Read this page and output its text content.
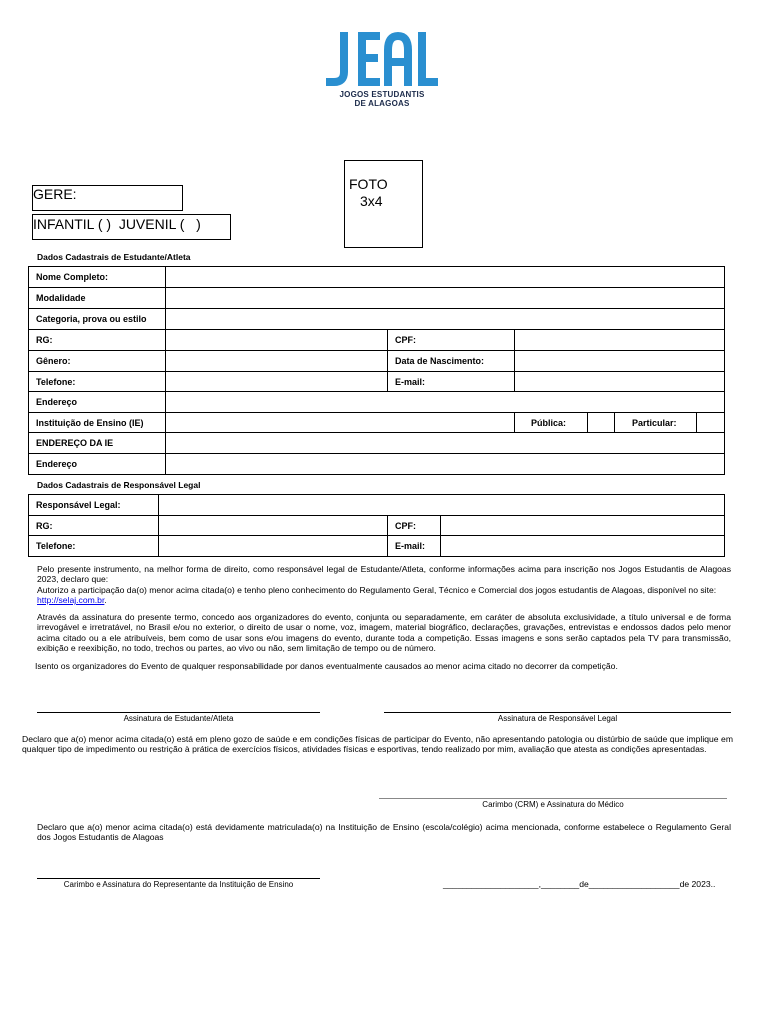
JOGOS ESTUDANTIS
DE ALAGOAS
FOTO
3x4
GERE:
INFANTIL ( )  JUVENIL (   )
Dados Cadastrais de Estudante/Atleta
Nome Completo:						
Modalidade						
Categoria, prova ou estilo						
RG:		CPF:				
Gênero:		Data de Nascimento:				
Telefone:		E-mail:				
Endereço						
Instituição de Ensino (IE)			Pública:		Particular:	
ENDEREÇO DA IE						
Endereço						
Dados Cadastrais de Responsável Legal
Responsável Legal:			
RG:		CPF:	
Telefone:		E-mail:	
Pelo presente instrumento, na melhor forma de direito, como responsável legal de Estudante/Atleta, conforme informações acima para inscrição nos Jogos Estudantis de Alagoas 2023, declaro que:
Autorizo a participação da(o) menor acima citada(o) e tenho pleno conhecimento do Regulamento Geral, Técnico e Comercial dos jogos estudantis de Alagoas, disponível no site: http://selaj.com.br.
Através da assinatura do presente termo, concedo aos organizadores do evento, conjunta ou separadamente, em caráter de absoluta exclusividade, a título universal e de forma irrevogável e irretratável, no Brasil e/ou no exterior, o direito de usar o nome, voz, imagem, material biográfico, declarações, gravações, entrevistas e endossos dados pelo menor acima citado ou a ele atribuíveis, bem como de usar sons e/ou imagens do evento, durante toda a competição. Essas imagens e sons serão captados pela TV para transmissão, exibição e reexibição, no todo, trechos ou partes, ao vivo ou não, sem limitação de tempo ou de número.
Isento os organizadores do Evento de qualquer responsabilidade por danos eventualmente causados ao menor acima citado no decorrer da competição.
Assinatura de Estudante/Atleta	Assinatura de Responsável Legal
Declaro que a(o) menor acima citada(o) está em pleno gozo de saúde e em condições físicas de participar do Evento, não apresentando patologia ou distúrbio de saúde que implique em qualquer tipo de impedimento ou restrição à prática de exercícios físicos, atividades físicas e esportivas, tendo realizado por mim, avaliação que atesta as condições apresentadas.
Carimbo (CRM) e Assinatura do Médico
Declaro que a(o) menor acima citada(o) está devidamente matriculada(o) na Instituição de Ensino (escola/colégio) acima mencionada, conforme estabelece o Regulamento Geral dos Jogos Estudantis de Alagoas
Carimbo e Assinatura do Representante da Instituição de Ensino	____________________,________de___________________de 2023..
